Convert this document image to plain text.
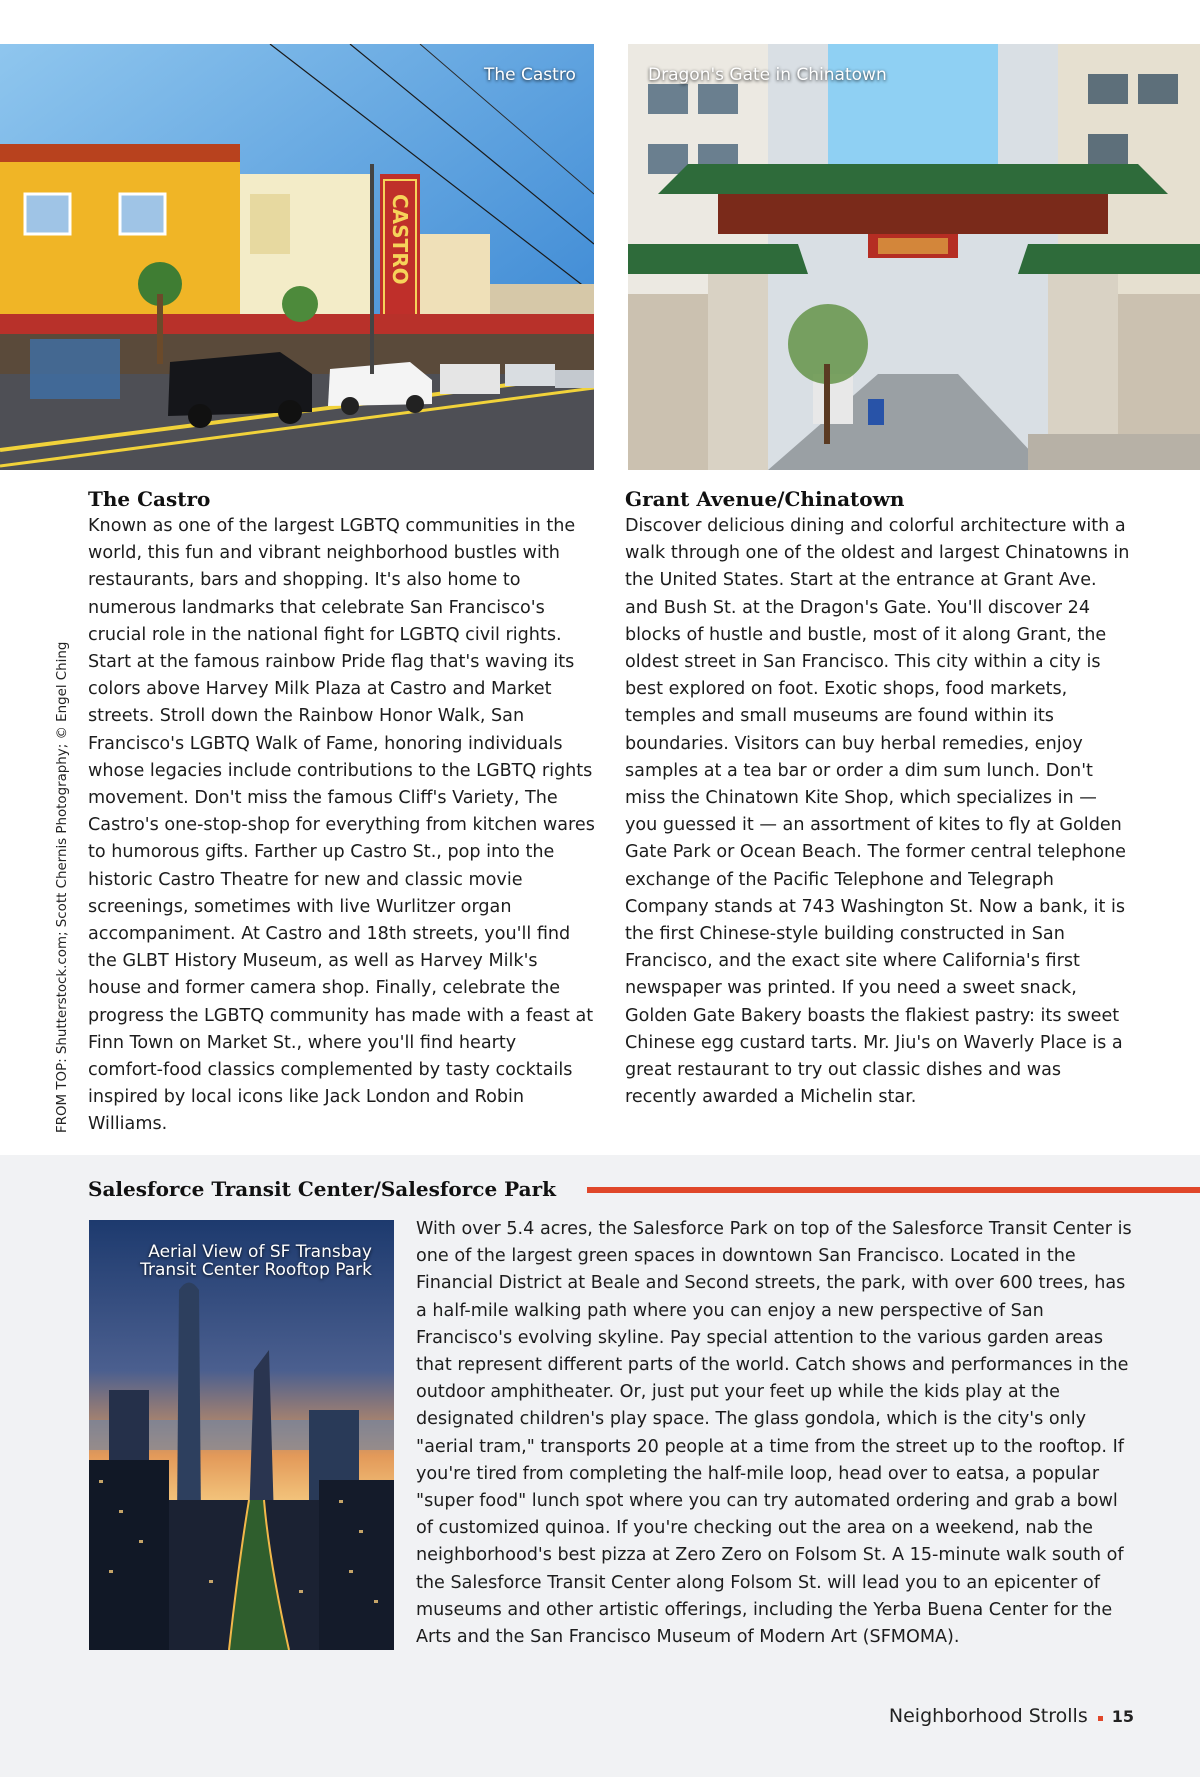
CASTRO
The Castro	Dragon's Gate in Chinatown
FROM TOP: Shutterstock.com; Scott Chernis Photography; © Engel Ching
The Castro

Known as one of the largest LGBTQ communities in the world, this fun and vibrant neighborhood bustles with restaurants, bars and shopping. It's also home to numerous landmarks that celebrate San Francisco's crucial role in the national fight for LGBTQ civil rights. Start at the famous rainbow Pride flag that's waving its colors above Harvey Milk Plaza at Castro and Market streets. Stroll down the Rainbow Honor Walk, San Francisco's LGBTQ Walk of Fame, honoring individuals whose legacies include contributions to the LGBTQ rights movement. Don't miss the famous Cliff's Variety, The Castro's one-stop-shop for everything from kitchen wares to humorous gifts. Farther up Castro St., pop into the historic Castro Theatre for new and classic movie screenings, sometimes with live Wurlitzer organ accompaniment. At Castro and 18th streets, you'll find the GLBT History Museum, as well as Harvey Milk's house and former camera shop. Finally, celebrate the progress the LGBTQ community has made with a feast at Finn Town on Market St., where you'll find hearty comfort-food classics complemented by tasty cocktails inspired by local icons like Jack London and Robin Williams.

Grant Avenue/Chinatown

Discover delicious dining and colorful architecture with a walk through one of the oldest and largest Chinatowns in the United States. Start at the entrance at Grant Ave. and Bush St. at the Dragon's Gate. You'll discover 24 blocks of hustle and bustle, most of it along Grant, the oldest street in San Francisco. This city within a city is best explored on foot. Exotic shops, food markets, temples and small museums are found within its boundaries. Visitors can buy herbal remedies, enjoy samples at a tea bar or order a dim sum lunch. Don't miss the Chinatown Kite Shop, which specializes in — you guessed it — an assortment of kites to fly at Golden Gate Park or Ocean Beach. The former central telephone exchange of the Pacific Telephone and Telegraph Company stands at 743 Washington St. Now a bank, it is the first Chinese-style building constructed in San Francisco, and the exact site where California's first newspaper was printed. If you need a sweet snack, Golden Gate Bakery boasts the flakiest pastry: its sweet Chinese egg custard tarts. Mr. Jiu's on Waverly Place is a great restaurant to try out classic dishes and was recently awarded a Michelin star.

Salesforce Transit Center/Salesforce Park
Aerial View of SF Transbay Transit Center Rooftop Park

With over 5.4 acres, the Salesforce Park on top of the Salesforce Transit Center is one of the largest green spaces in downtown San Francisco. Located in the Financial District at Beale and Second streets, the park, with over 600 trees, has a half-mile walking path where you can enjoy a new perspective of San Francisco's evolving skyline. Pay special attention to the various garden areas that represent different parts of the world. Catch shows and performances in the outdoor amphitheater. Or, just put your feet up while the kids play at the designated children's play space. The glass gondola, which is the city's only "aerial tram," transports 20 people at a time from the street up to the rooftop. If you're tired from completing the half-mile loop, head over to eatsa, a popular "super food" lunch spot where you can try automated ordering and grab a bowl of customized quinoa. If you're checking out the area on a weekend, nab the neighborhood's best pizza at Zero Zero on Folsom St. A 15-minute walk south of the Salesforce Transit Center along Folsom St. will lead you to an epicenter of museums and other artistic offerings, including the Yerba Buena Center for the Arts and the San Francisco Museum of Modern Art (SFMOMA).

Neighborhood Strolls 15
